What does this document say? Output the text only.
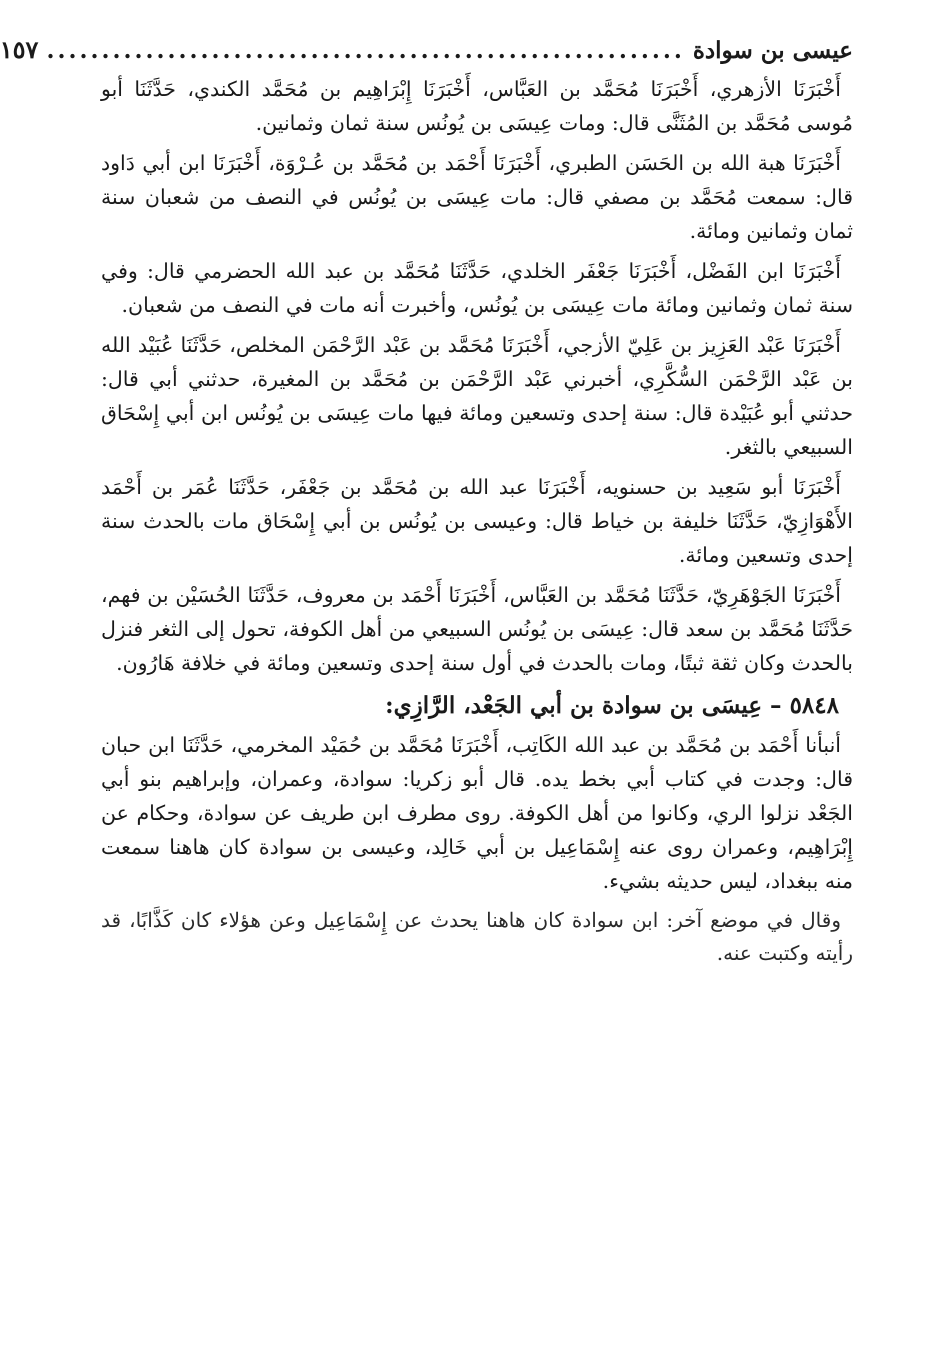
عيسى بن سوادة
..........................................................
١٥٧

أَخْبَرَنَا الأزهري، أَخْبَرَنَا مُحَمَّد بن العَبَّاس، أَخْبَرَنَا إِبْرَاهِيم بن مُحَمَّد الكندي، حَدَّثَنَا أبو مُوسى مُحَمَّد بن المُثَنَّى قال: ومات عِيسَى بن يُونُس سنة ثمان وثمانين.

أَخْبَرَنَا هبة الله بن الحَسَن الطبري، أَخْبَرَنَا أَحْمَد بن مُحَمَّد بن عُـرْوَة، أَخْبَرَنَا ابن أبي دَاود قال: سمعت مُحَمَّد بن مصفي قال: مات عِيسَى بن يُونُس في النصف من شعبان سنة ثمان وثمانين ومائة.

أَخْبَرَنَا ابن الفَضْل، أَخْبَرَنَا جَعْفَر الخلدي، حَدَّثَنَا مُحَمَّد بن عبد الله الحضرمي قال: وفي سنة ثمان وثمانين ومائة مات عِيسَى بن يُونُس، وأخبرت أنه مات في النصف من شعبان.

أَخْبَرَنَا عَبْد العَزِيز بن عَلِيّ الأزجي، أَخْبَرَنَا مُحَمَّد بن عَبْد الرَّحْمَن المخلص، حَدَّثَنَا عُبَيْد الله بن عَبْد الرَّحْمَن السُّكَّرِي، أخبرني عَبْد الرَّحْمَن بن مُحَمَّد بن المغيرة، حدثني أبي قال: حدثني أبو عُبَيْدة قال: سنة إحدى وتسعين ومائة فيها مات عِيسَى بن يُونُس ابن أبي إِسْحَاق السبيعي بالثغر.

أَخْبَرَنَا أبو سَعِيد بن حسنويه، أَخْبَرَنَا عبد الله بن مُحَمَّد بن جَعْفَر، حَدَّثَنَا عُمَر بن أَحْمَد الأَهْوَازِيّ، حَدَّثَنَا خليفة بن خياط قال: وعيسى بن يُونُس بن أبي إِسْحَاق مات بالحدث سنة إحدى وتسعين ومائة.

أَخْبَرَنَا الجَوْهَرِيّ، حَدَّثَنَا مُحَمَّد بن العَبَّاس، أَخْبَرَنَا أَحْمَد بن معروف، حَدَّثَنَا الحُسَيْن بن فهم، حَدَّثَنَا مُحَمَّد بن سعد قال: عِيسَى بن يُونُس السبيعي من أهل الكوفة، تحول إلى الثغر فنزل بالحدث وكان ثقة ثبتًا، ومات بالحدث في أول سنة إحدى وتسعين ومائة في خلافة هَارُون.

٥٨٤٨ – عِيسَى بن سوادة بن أبي الجَعْد، الرَّازِي:

أنبأنا أَحْمَد بن مُحَمَّد بن عبد الله الكَاتِب، أَخْبَرَنَا مُحَمَّد بن حُمَيْد المخرمي، حَدَّثَنَا ابن حبان قال: وجدت في كتاب أبي بخط يده. قال أبو زكريا: سوادة، وعمران، وإبراهيم بنو أبي الجَعْد نزلوا الري، وكانوا من أهل الكوفة. روى مطرف ابن طريف عن سوادة، وحكام عن إِبْرَاهِيم، وعمران روى عنه إِسْمَاعِيل بن أبي خَالِد، وعيسى بن سوادة كان هاهنا سمعت منه ببغداد، ليس حديثه بشيء.

وقال في موضع آخر: ابن سوادة كان هاهنا يحدث عن إِسْمَاعِيل وعن هؤلاء كان كَذَّابًا، قد رأيته وكتبت عنه.
